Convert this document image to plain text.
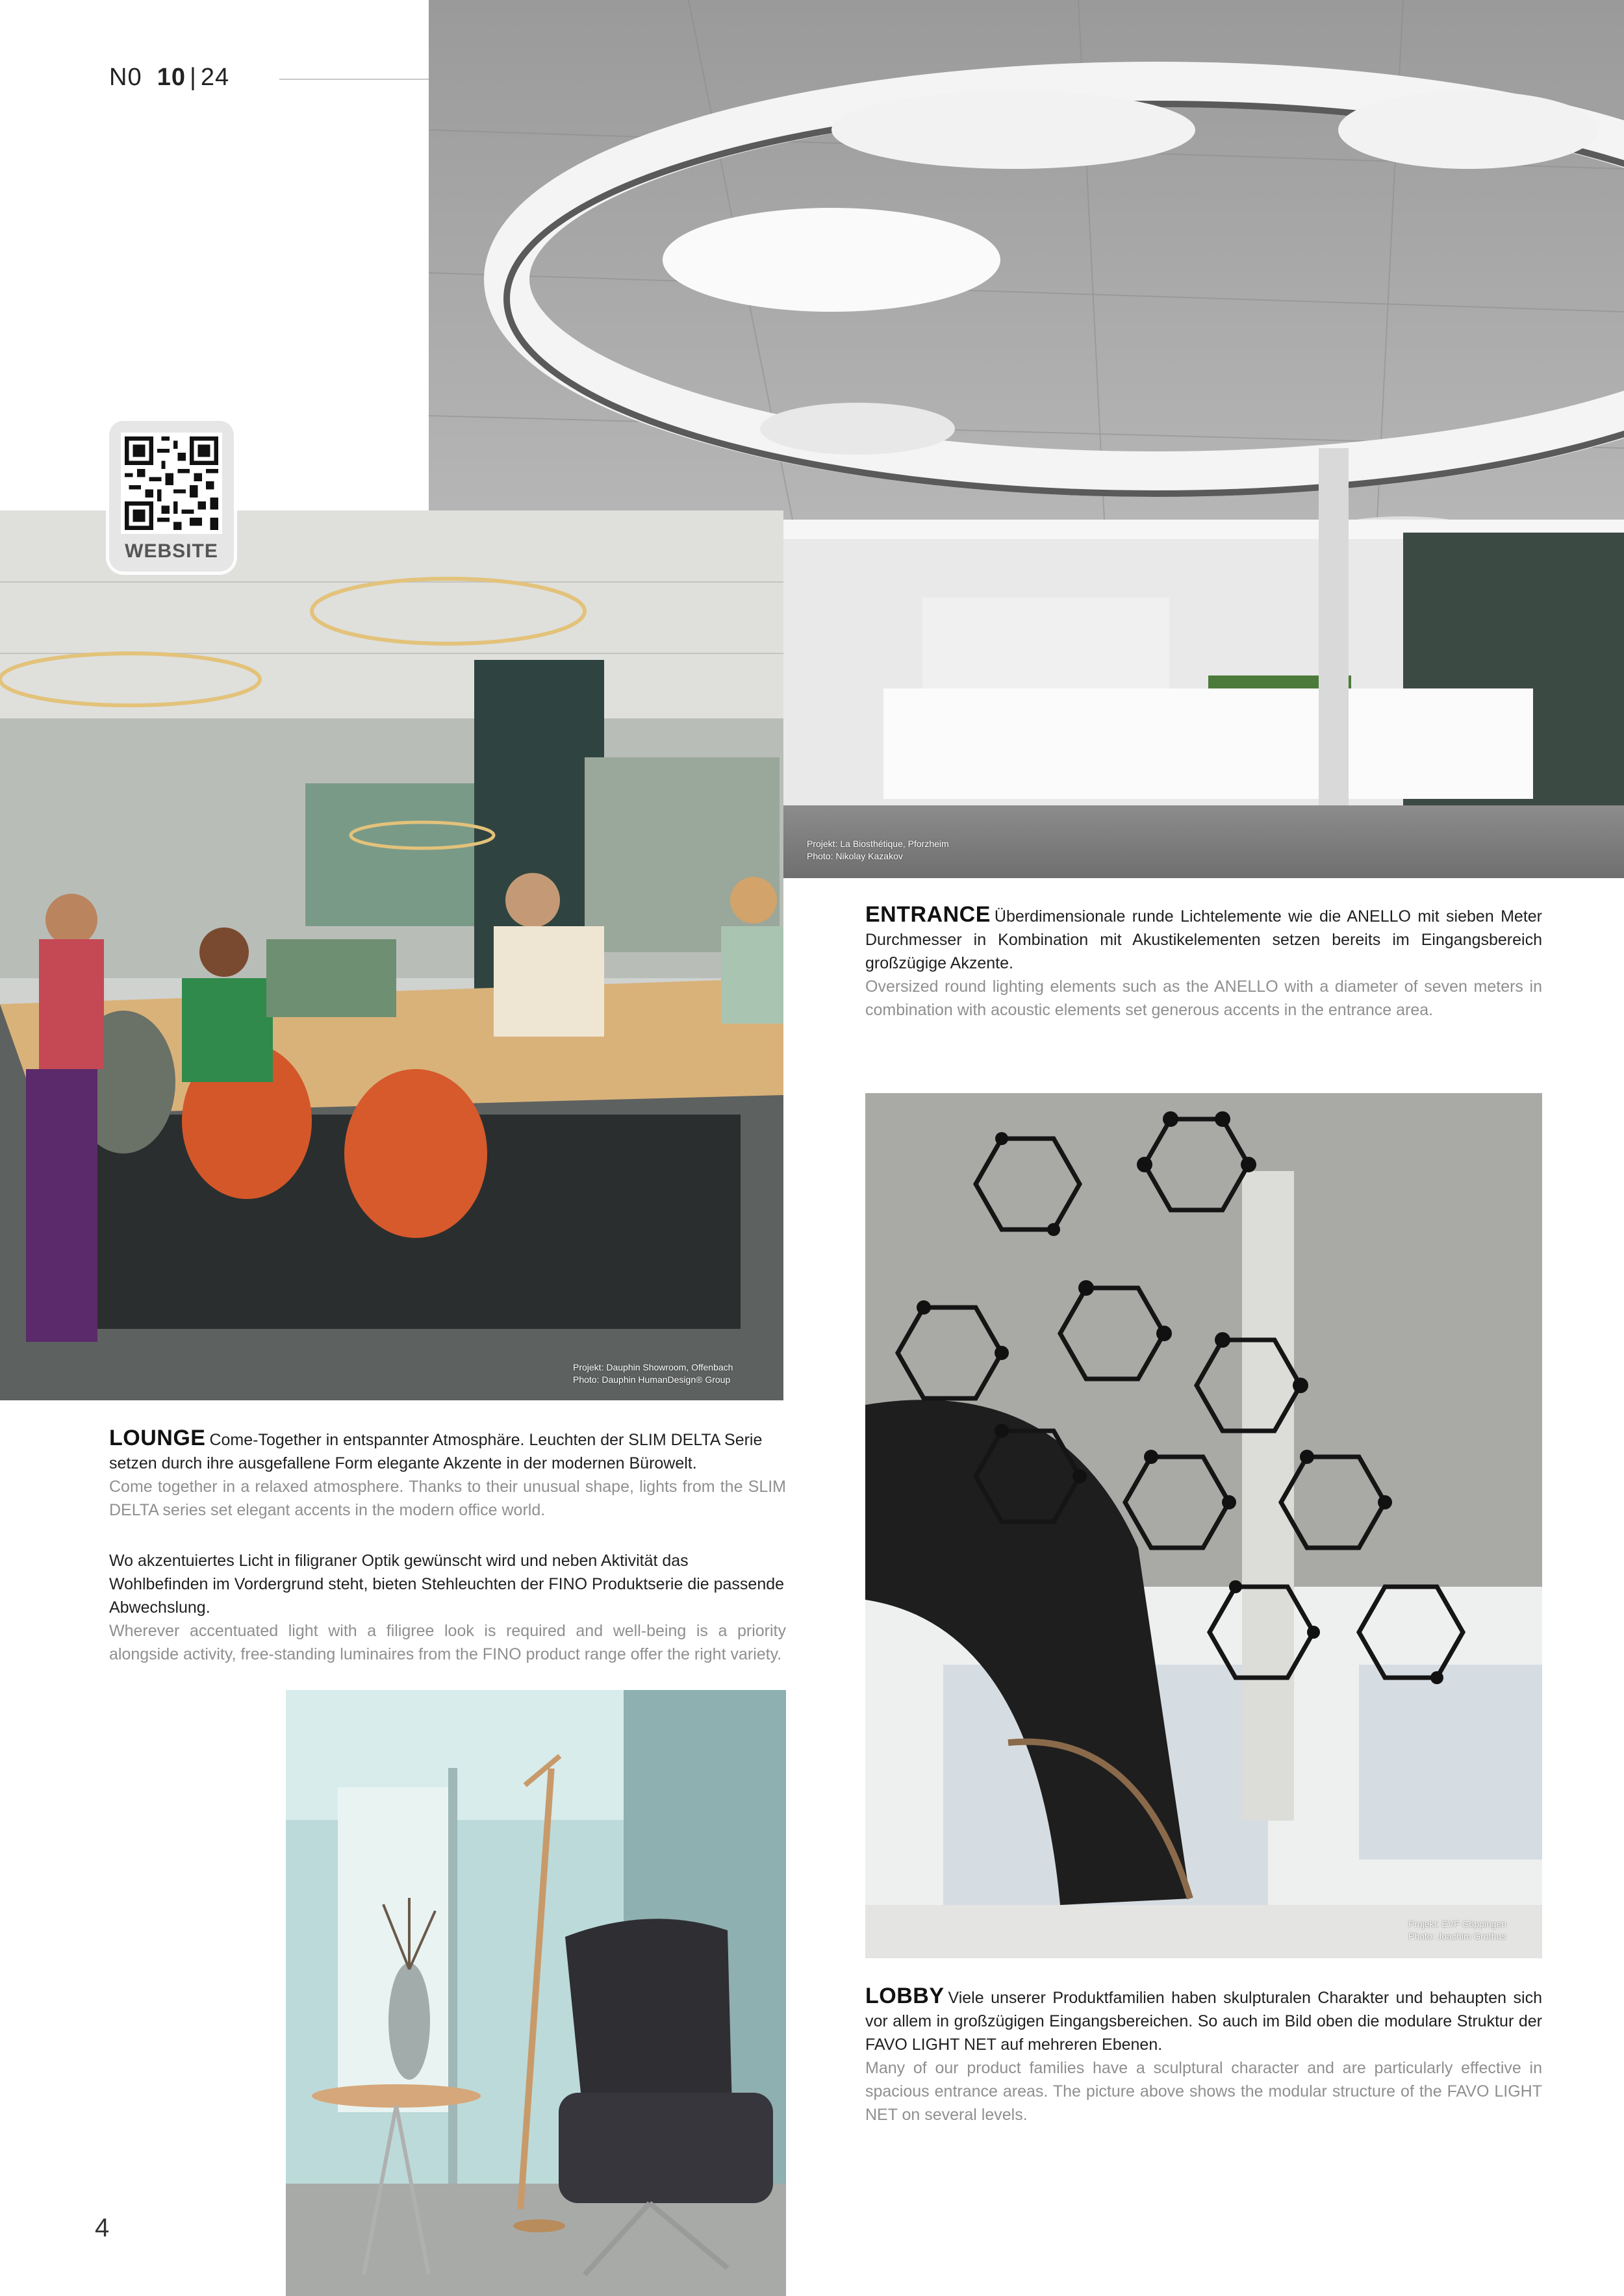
N0 10 | 24
Projekt: La Biosthétique, Pforzheim
Photo: Nikolay Kazakov
Projekt: Dauphin Showroom, Offenbach
Photo: Dauphin HumanDesign® Group
WEBSITE

ENTRANCE Überdimensionale runde Lichtelemente wie die ANELLO mit sieben Meter Durchmesser in Kombination mit Akustikelementen setzen bereits im Eingangsbereich großzügige Akzente.

Oversized round lighting elements such as the ANELLO with a diameter of seven meters in combination with acoustic elements set generous accents in the entrance area.

Projekt: EVF Göppingen
Photo: Joachim Grothus

LOUNGE Come-Together in entspannter Atmosphäre. Leuchten der SLIM DELTA Serie setzen durch ihre ausgefallene Form elegante Akzente in der modernen Bürowelt.

Come together in a relaxed atmosphere. Thanks to their unusual shape, lights from the SLIM DELTA series set elegant accents in the modern office world.

Wo akzentuiertes Licht in filigraner Optik gewünscht wird und neben Aktivität das Wohlbefinden im Vordergrund steht, bieten Stehleuchten der FINO Produktserie die passende Abwechslung.

Wherever accentuated light with a filigree look is required and well-being is a priority alongside activity, free-standing luminaires from the FINO product range offer the right variety.

LOBBY Viele unserer Produktfamilien haben skulpturalen Charakter und behaupten sich vor allem in großzügigen Eingangsbereichen. So auch im Bild oben die modulare Struktur der FAVO LIGHT NET auf mehreren Ebenen.

Many of our product families have a sculptural character and are particularly effective in spacious entrance areas. The picture above shows the modular structure of the FAVO LIGHT NET on several levels.

4
